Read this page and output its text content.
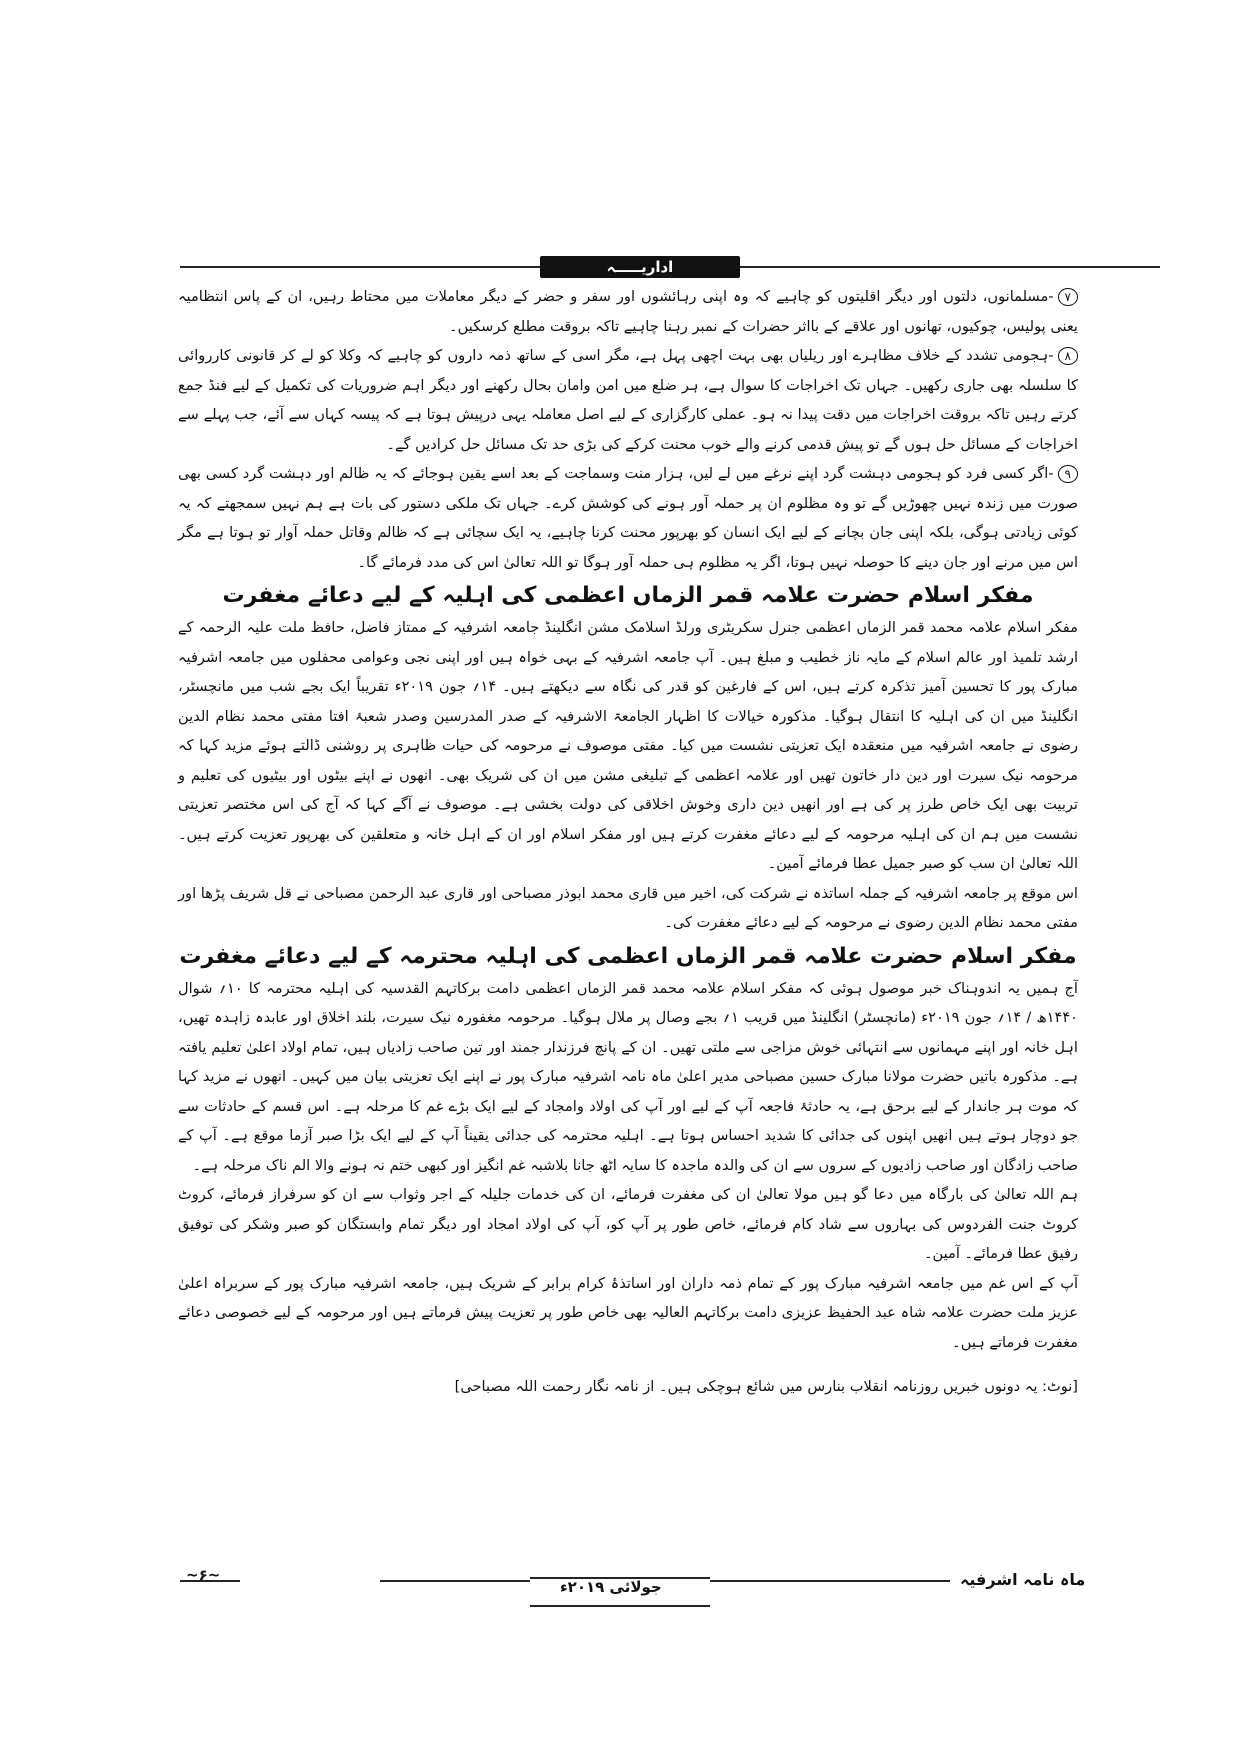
اداریـــــہ

۷-مسلمانوں، دلتوں اور دیگر اقلیتوں کو چاہیے کہ وہ اپنی رہائشوں اور سفر و حضر کے دیگر معاملات میں محتاط رہیں، ان کے پاس انتظامیہ یعنی پولیس، چوکیوں، تھانوں اور علاقے کے بااثر حضرات کے نمبر رہنا چاہیے تاکہ بروقت مطلع کرسکیں۔

۸-ہجومی تشدد کے خلاف مظاہرے اور ریلیاں بھی بہت اچھی پہل ہے، مگر اسی کے ساتھ ذمہ داروں کو چاہیے کہ وکلا کو لے کر قانونی کارروائی کا سلسلہ بھی جاری رکھیں۔ جہاں تک اخراجات کا سوال ہے، ہر ضلع میں امن وامان بحال رکھنے اور دیگر اہم ضروریات کی تکمیل کے لیے فنڈ جمع کرتے رہیں تاکہ بروقت اخراجات میں دقت پیدا نہ ہو۔ عملی کارگزاری کے لیے اصل معاملہ یہی درپیش ہوتا ہے کہ پیسہ کہاں سے آئے، جب پہلے سے اخراجات کے مسائل حل ہوں گے تو پیش قدمی کرنے والے خوب محنت کرکے کی بڑی حد تک مسائل حل کرادیں گے۔

۹-اگر کسی فرد کو ہجومی دہشت گرد اپنے نرغے میں لے لیں، ہزار منت وسماجت کے بعد اسے یقین ہوجائے کہ یہ ظالم اور دہشت گرد کسی بھی صورت میں زندہ نہیں چھوڑیں گے تو وہ مظلوم ان پر حملہ آور ہونے کی کوشش کرے۔ جہاں تک ملکی دستور کی بات ہے ہم نہیں سمجھتے کہ یہ کوئی زیادتی ہوگی، بلکہ اپنی جان بچانے کے لیے ایک انسان کو بھرپور محنت کرنا چاہیے، یہ ایک سچائی ہے کہ ظالم وقاتل حملہ آوار تو ہوتا ہے مگر اس میں مرنے اور جان دینے کا حوصلہ نہیں ہوتا، اگر یہ مظلوم ہی حملہ آور ہوگا تو اللہ تعالیٰ اس کی مدد فرمائے گا۔

مفکر اسلام حضرت علامہ قمر الزماں اعظمی کی اہلیہ کے لیے دعائے مغفرت

مفکر اسلام علامہ محمد قمر الزماں اعظمی جنرل سکریٹری ورلڈ اسلامک مشن انگلینڈ جامعہ اشرفیہ کے ممتاز فاضل، حافظ ملت علیہ الرحمہ کے ارشد تلمیذ اور عالم اسلام کے مایہ ناز خطیب و مبلغ ہیں۔ آپ جامعہ اشرفیہ کے بہی خواہ ہیں اور اپنی نجی وعوامی محفلوں میں جامعہ اشرفیہ مبارک پور کا تحسین آمیز تذکرہ کرتے ہیں، اس کے فارغین کو قدر کی نگاہ سے دیکھتے ہیں۔ ۱۴؍ جون ۲۰۱۹ء تقریباً ایک بجے شب میں مانچسٹر، انگلینڈ میں ان کی اہلیہ کا انتقال ہوگیا۔ مذکورہ خیالات کا اظہار الجامعۃ الاشرفیہ کے صدر المدرسین وصدر شعبۂ افتا مفتی محمد نظام الدین رضوی نے جامعہ اشرفیہ میں منعقدہ ایک تعزیتی نشست میں کیا۔ مفتی موصوف نے مرحومہ کی حیات ظاہری پر روشنی ڈالتے ہوئے مزید کہا کہ مرحومہ نیک سیرت اور دین دار خاتون تھیں اور علامہ اعظمی کے تبلیغی مشن میں ان کی شریک بھی۔ انھوں نے اپنے بیٹوں اور بیٹیوں کی تعلیم و تربیت بھی ایک خاص طرز پر کی ہے اور انھیں دین داری وخوش اخلاقی کی دولت بخشی ہے۔ موصوف نے آگے کہا کہ آج کی اس مختصر تعزیتی نشست میں ہم ان کی اہلیہ مرحومہ کے لیے دعائے مغفرت کرتے ہیں اور مفکر اسلام اور ان کے اہل خانہ و متعلقین کی بھرپور تعزیت کرتے ہیں۔ اللہ تعالیٰ ان سب کو صبر جمیل عطا فرمائے آمین۔

اس موقع پر جامعہ اشرفیہ کے جملہ اساتذہ نے شرکت کی، اخیر میں قاری محمد ابوذر مصباحی اور قاری عبد الرحمن مصباحی نے قل شریف پڑھا اور مفتی محمد نظام الدین رضوی نے مرحومہ کے لیے دعائے مغفرت کی۔

مفکر اسلام حضرت علامہ قمر الزماں اعظمی کی اہلیہ محترمہ کے لیے دعائے مغفرت

آج ہمیں یہ اندوہناک خبر موصول ہوئی کہ مفکر اسلام علامہ محمد قمر الزماں اعظمی دامت برکاتہم القدسیہ کی اہلیہ محترمہ کا ۱۰؍ شوال ۱۴۴۰ھ / ۱۴؍ جون ۲۰۱۹ء (مانچسٹر) انگلینڈ میں قریب ۱؍ بجے وصال پر ملال ہوگیا۔ مرحومہ مغفورہ نیک سیرت، بلند اخلاق اور عابدہ زاہدہ تھیں، اہل خانہ اور اپنے مہمانوں سے انتہائی خوش مزاجی سے ملتی تھیں۔ ان کے پانچ فرزندار جمند اور تین صاحب زادیاں ہیں، تمام اولاد اعلیٰ تعلیم یافتہ ہے۔ مذکورہ باتیں حضرت مولانا مبارک حسین مصباحی مدیر اعلیٰ ماہ نامہ اشرفیہ مبارک پور نے اپنے ایک تعزیتی بیان میں کہیں۔ انھوں نے مزید کہا کہ موت ہر جاندار کے لیے برحق ہے، یہ حادثۂ فاجعہ آپ کے لیے اور آپ کی اولاد وامجاد کے لیے ایک بڑے غم کا مرحلہ ہے۔ اس قسم کے حادثات سے جو دوچار ہوتے ہیں انھیں اپنوں کی جدائی کا شدید احساس ہوتا ہے۔ اہلیہ محترمہ کی جدائی یقیناً آپ کے لیے ایک بڑا صبر آزما موقع ہے۔ آپ کے صاحب زادگان اور صاحب زادیوں کے سروں سے ان کی والدہ ماجدہ کا سایہ اٹھ جانا بلاشبہ غم انگیز اور کبھی ختم نہ ہونے والا الم ناک مرحلہ ہے۔

ہم اللہ تعالیٰ کی بارگاہ میں دعا گو ہیں مولا تعالیٰ ان کی مغفرت فرمائے، ان کی خدمات جلیلہ کے اجر وثواب سے ان کو سرفراز فرمائے، کروٹ کروٹ جنت الفردوس کی بہاروں سے شاد کام فرمائے، خاص طور پر آپ کو، آپ کی اولاد امجاد اور دیگر تمام وابستگان کو صبر وشکر کی توفیق رفیق عطا فرمائے۔ آمین۔

آپ کے اس غم میں جامعہ اشرفیہ مبارک پور کے تمام ذمہ داران اور اساتذۂ کرام برابر کے شریک ہیں، جامعہ اشرفیہ مبارک پور کے سربراہ اعلیٰ عزیز ملت حضرت علامہ شاہ عبد الحفیظ عزیزی دامت برکاتہم العالیہ بھی خاص طور پر تعزیت پیش فرماتے ہیں اور مرحومہ کے لیے خصوصی دعائے مغفرت فرماتے ہیں۔

[نوٹ: یہ دونوں خبریں روزنامہ انقلاب بنارس میں شائع ہوچکی ہیں۔ از نامہ نگار رحمت اللہ مصباحی]

~۶~
جولائی ۲۰۱۹ء	ماہ نامہ اشرفیہ
